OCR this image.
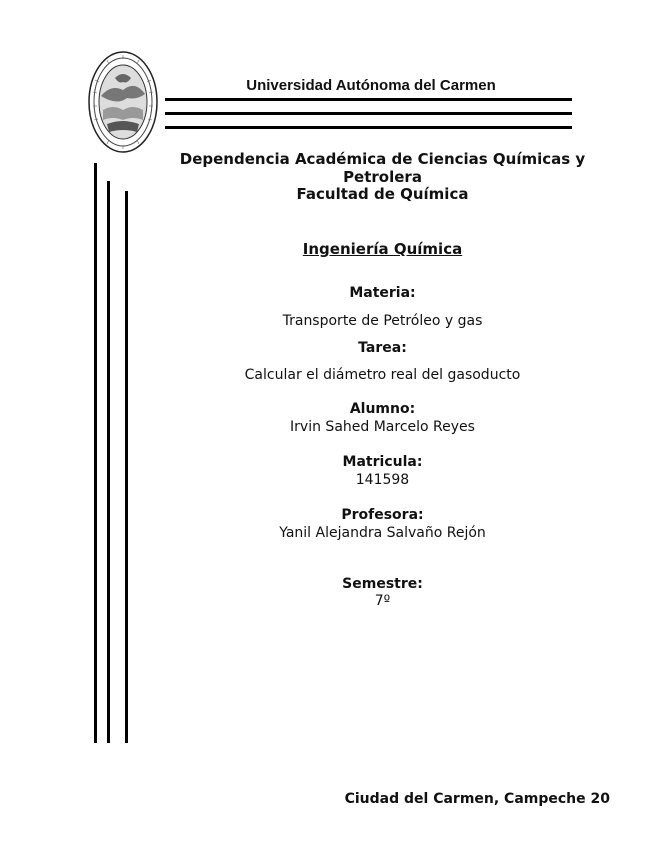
Universidad Autónoma del Carmen
Dependencia Académica de Ciencias Químicas y
Petrolera
Facultad de Química
Ingeniería Química
Materia:
Transporte de Petróleo y gas
Tarea:
Calcular el diámetro real del gasoducto
Alumno:
Irvin Sahed Marcelo Reyes
Matricula:
141598
Profesora:
Yanil Alejandra Salvaño Rejón
Semestre:
7º
Ciudad del Carmen, Campeche 20
